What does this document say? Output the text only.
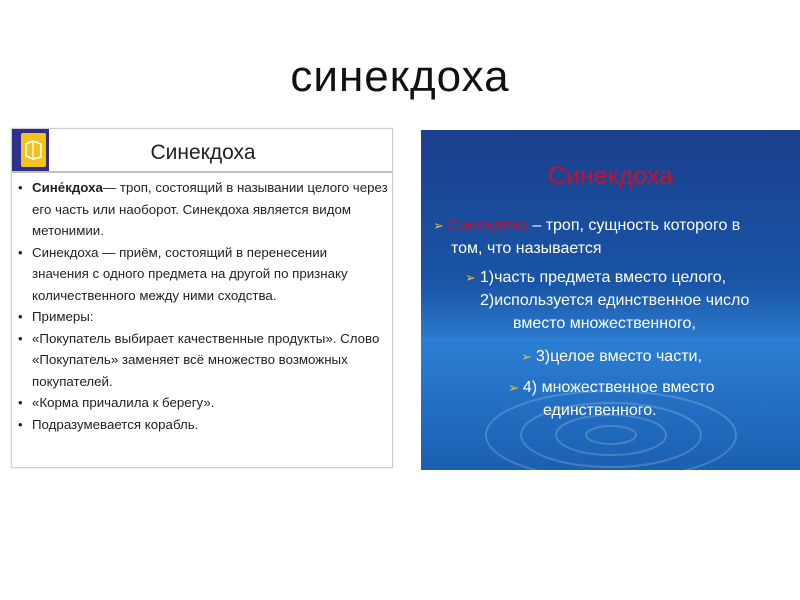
синекдоха
Синекдоха
• Сине́кдоха— троп, состоящий в назывании целого через
его часть или наоборот. Синекдоха является видом
метонимии.
• Синекдоха — приём, состоящий в перенесении
значения с одного предмета на другой по признаку
количественного между ними сходства.
• Примеры:
• «Покупатель выбирает качественные продукты». Слово
«Покупатель» заменяет всё множество возможных
покупателей.
• «Корма причалила к берегу».
• Подразумевается корабль.
Синекдоха
➢ Синекдоха – троп, сущность которого в
том, что называется
➢ 1)часть предмета вместо целого,
2)используется единственное число
вместо множественного,
➢ 3)целое вместо части,
➢ 4) множественное вместо
единственного.
